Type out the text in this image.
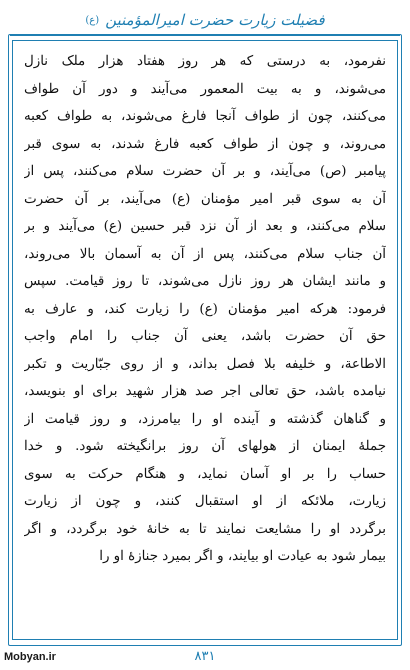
فضیلت زیارت حضرت امیرالمؤمنین
(ع)
نفرمود، به درستی که هر روز هفتاد هزار ملک نازل
می‌شوند، و به بیت المعمور می‌آیند و دور آن طواف
می‌کنند، چون از طواف آنجا فارغ می‌شوند، به طواف کعبه
می‌روند، و چون از طواف کعبه فارغ شدند، به سوی قبر
پیامبر (ص) می‌آیند، و بر آن حضرت سلام می‌کنند، پس از
آن به سوی قبر امیر مؤمنان (ع) می‌آیند، بر آن حضرت
سلام می‌کنند، و بعد از آن نزد قبر حسین (ع) می‌آیند و بر
آن جناب سلام می‌کنند، پس از آن به آسمان بالا می‌روند،
و مانند ایشان هر روز نازل می‌شوند، تا روز قیامت. سپس
فرمود: هرکه امیر مؤمنان (ع) را زیارت کند، و عارف به
حق آن حضرت باشد، یعنی آن جناب را امام واجب
الاطاعة، و خلیفه بلا فصل بداند، و از روی جبّاریت و تکبر
نیامده باشد، حق تعالی اجر صد هزار شهید برای او بنویسد،
و گناهان گذشته و آینده او را بیامرزد، و روز قیامت از
جملهٔ ایمنان از هولهای آن روز برانگیخته شود. و خدا
حساب را بر او آسان نماید، و هنگام حرکت به سوی
زیارت، ملائکه از او استقبال کنند، و چون از زیارت
برگردد او را مشایعت نمایند تا به خانهٔ خود برگردد، و اگر
بیمار شود به عیادت او بیایند، و اگر بمیرد جنازهٔ او را
Mobyan.ir	۸۳۱
